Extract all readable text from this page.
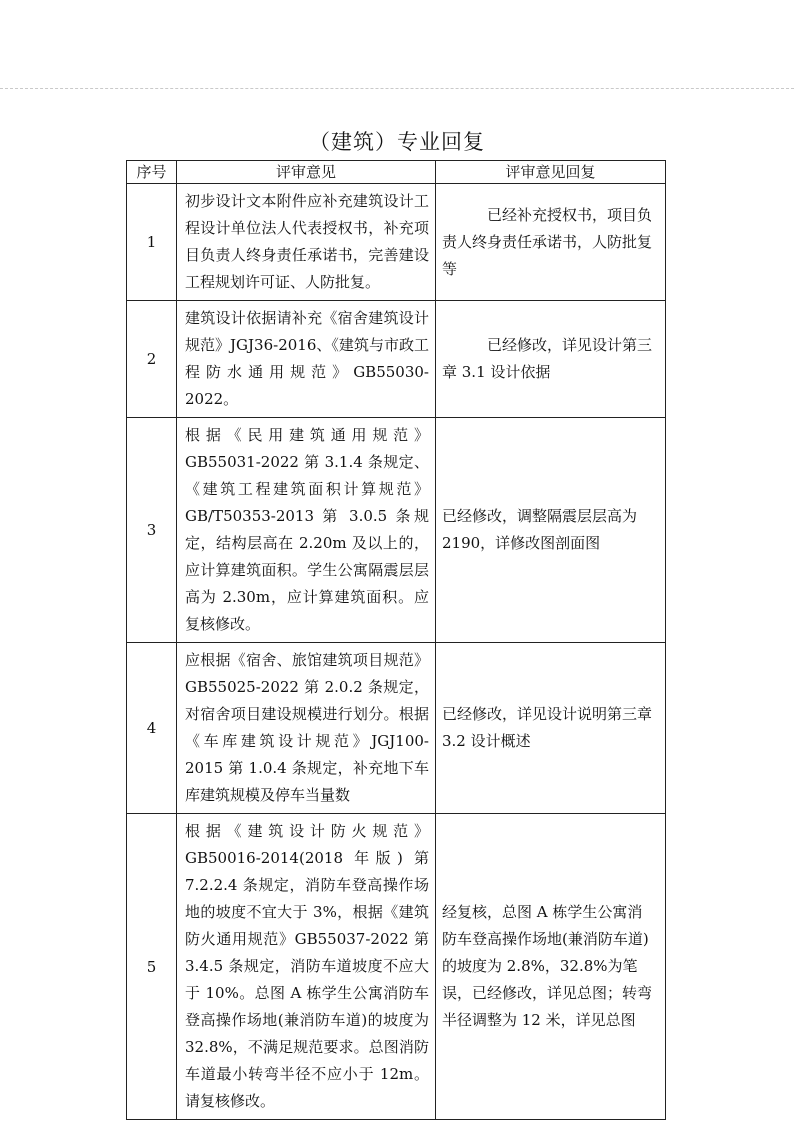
（建筑）专业回复
序号	评审意见	评审意见回复
1	初步设计文本附件应补充建筑设计工程设计单位法人代表授权书，补充项目负责人终身责任承诺书，完善建设工程规划许可证、人防批复。	已经补充授权书，项目负责人终身责任承诺书，人防批复等
2	建筑设计依据请补充《宿舍建筑设计规范》JGJ36-2016、《建筑与市政工程防水通用规范》GB55030-2022。	已经修改，详见设计第三章 3.1 设计依据
3	根据《民用建筑通用规范》GB55031-2022 第 3.1.4 条规定、《建筑工程建筑面积计算规范》GB/T50353-2013 第 3.0.5 条规定，结构层高在 2.20m 及以上的，应计算建筑面积。学生公寓隔震层层高为 2.30m，应计算建筑面积。应复核修改。	已经修改，调整隔震层层高为 2190，详修改图剖面图
4	应根据《宿舍、旅馆建筑项目规范》GB55025-2022 第 2.0.2 条规定，对宿舍项目建设规模进行划分。根据《车库建筑设计规范》JGJ100-2015 第 1.0.4 条规定，补充地下车库建筑规模及停车当量数	已经修改，详见设计说明第三章 3.2 设计概述
5	根据《建筑设计防火规范》GB50016-2014(2018 年版) 第 7.2.2.4 条规定，消防车登高操作场地的坡度不宜大于 3%，根据《建筑防火通用规范》GB55037-2022 第 3.4.5 条规定，消防车道坡度不应大于 10%。总图 A 栋学生公寓消防车登高操作场地(兼消防车道)的坡度为 32.8%，不满足规范要求。总图消防车道最小转弯半径不应小于 12m。请复核修改。	经复核，总图 A 栋学生公寓消防车登高操作场地(兼消防车道)的坡度为 2.8%，32.8%为笔误，已经修改，详见总图；转弯半径调整为 12 米，详见总图
